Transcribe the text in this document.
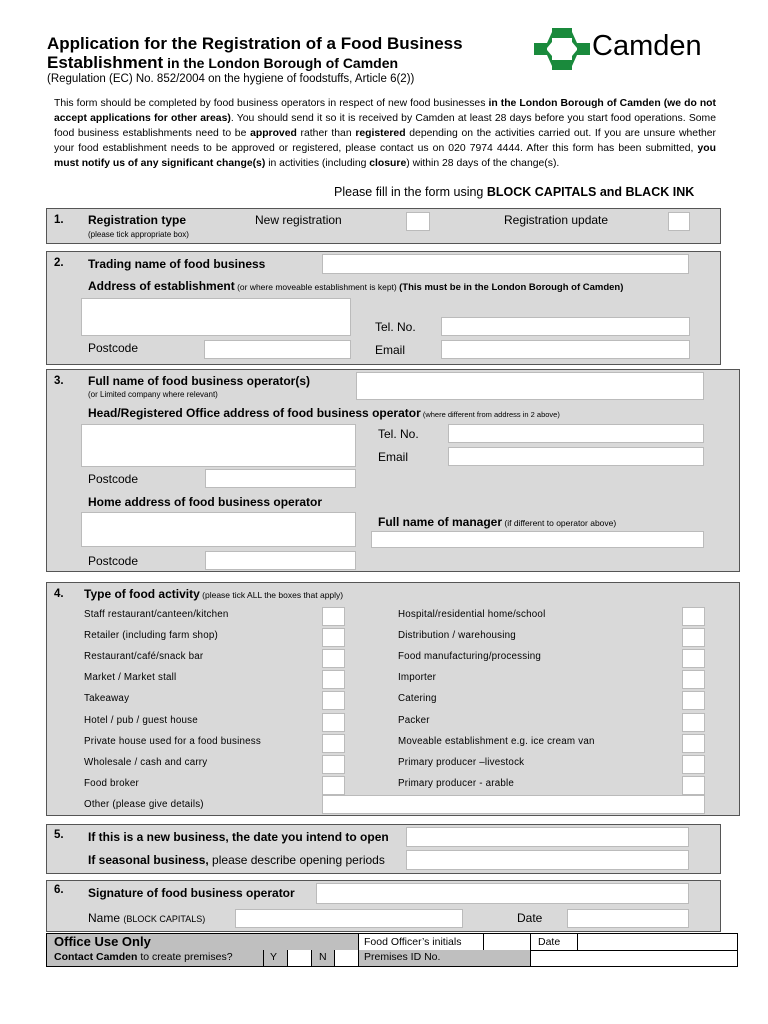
Application for the Registration of a Food Business
Establishment in the London Borough of Camden
(Regulation (EC) No. 852/2004 on the hygiene of foodstuffs, Article 6(2))
Camden
This form should be completed by food business operators in respect of new food businesses in the London Borough of Camden (we do not accept applications for other areas). You should send it so it is received by Camden at least 28 days before you start food operations. Some food business establishments need to be approved rather than registered depending on the activities carried out. If you are unsure whether your food establishment needs to be approved or registered, please contact us on 020 7974 4444. After this form has been submitted, you must notify us of any significant change(s) in activities (including closure) within 28 days of the change(s).
Please fill in the form using BLOCK CAPITALS and BLACK INK
1. Registration type
(please tick appropriate box)
New registration	Registration update
2. Trading name of food business
Address of establishment (or where moveable establishment is kept) (This must be in the London Borough of Camden)
Tel. No.
Postcode	Email
3. Full name of food business operator(s)
(or Limited company where relevant)
Head/Registered Office address of food business operator (where different from address in 2 above)
Tel. No.
Email
Postcode
Home address of food business operator
Full name of manager (if different to operator above)
Postcode
4. Type of food activity (please tick ALL the boxes that apply)
Staff restaurant/canteen/kitchen
Retailer (including farm shop)
Restaurant/café/snack bar
Market / Market stall
Takeaway
Hotel / pub / guest house
Private house used for a food business
Wholesale / cash and carry
Food broker
Other (please give details)
Hospital/residential home/school
Distribution / warehousing
Food manufacturing/processing
Importer
Catering
Packer
Moveable establishment e.g. ice cream van
Primary producer –livestock
Primary producer - arable
5. If this is a new business, the date you intend to open
If seasonal business, please describe opening periods
6. Signature of food business operator
Name (BLOCK CAPITALS)	Date
Office Use Only	Food Officer’s initials	Date
Contact Camden to create premises?	Y	N	Premises ID No.
